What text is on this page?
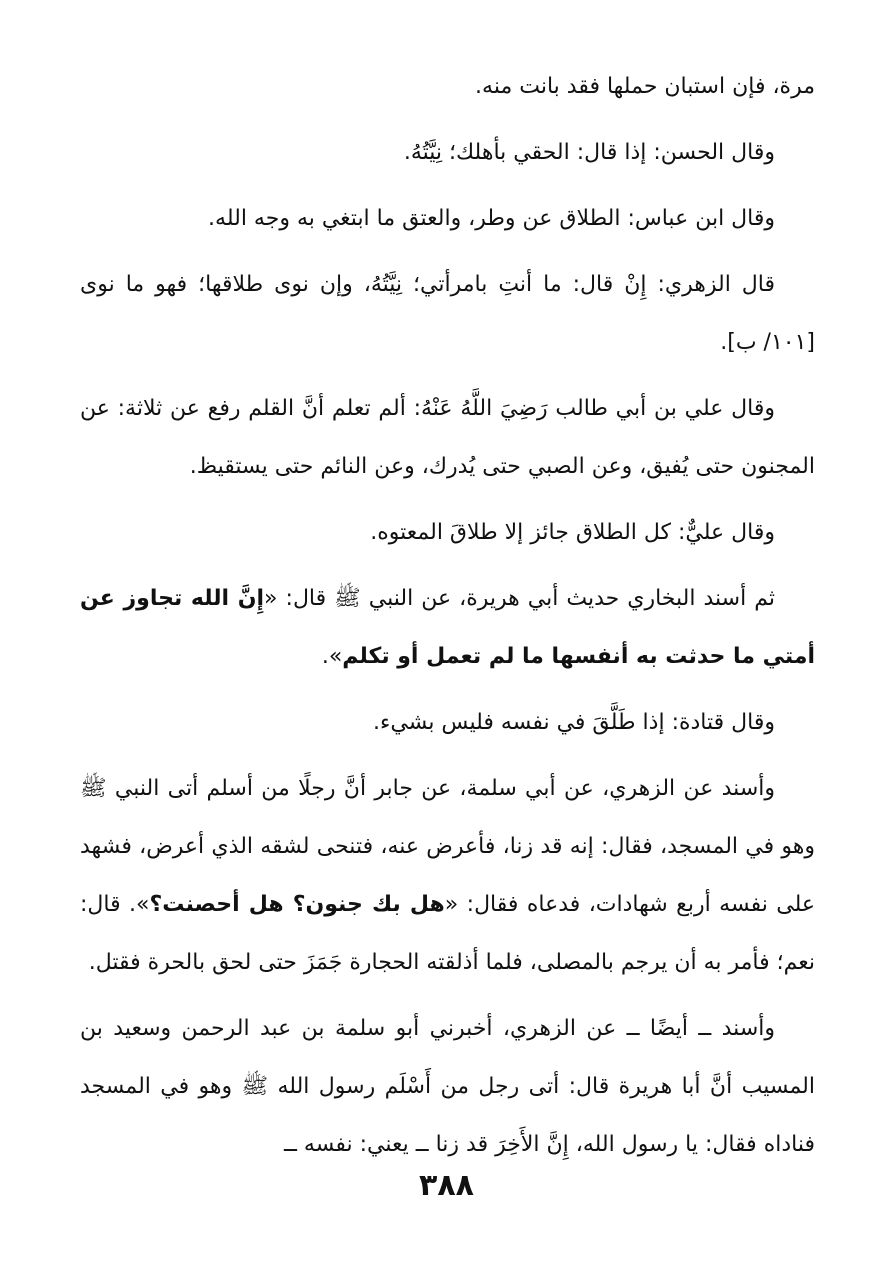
مرة، فإن استبان حملها فقد بانت منه.

وقال الحسن: إذا قال: الحقي بأهلك؛ نِيَّتُهُ.

وقال ابن عباس: الطلاق عن وطر، والعتق ما ابتغي به وجه الله.

قال الزهري: إِنْ قال: ما أنتِ بامرأتي؛ نِيَّتُهُ، وإن نوى طلاقها؛ فهو ما نوى [١٠١/ ب].

وقال علي بن أبي طالب رَضِيَ اللَّهُ عَنْهُ: ألم تعلم أنَّ القلم رفع عن ثلاثة: عن المجنون حتى يُفيق، وعن الصبي حتى يُدرك، وعن النائم حتى يستقيظ.

وقال عليٌّ: كل الطلاق جائز إلا طلاقَ المعتوه.

ثم أسند البخاري حديث أبي هريرة، عن النبي ﷺ قال: «إِنَّ الله تجاوز عن أمتي ما حدثت به أنفسها ما لم تعمل أو تكلم».

وقال قتادة: إذا طَلَّقَ في نفسه فليس بشيء.

وأسند عن الزهري، عن أبي سلمة، عن جابر أنَّ رجلًا من أسلم أتى النبي ﷺ وهو في المسجد، فقال: إنه قد زنا، فأعرض عنه، فتنحى لشقه الذي أعرض، فشهد على نفسه أربع شهادات، فدعاه فقال: «هل بك جنون؟ هل أحصنت؟». قال: نعم؛ فأمر به أن يرجم بالمصلى، فلما أذلقته الحجارة جَمَزَ حتى لحق بالحرة فقتل.

وأسند ــ أيضًا ــ عن الزهري، أخبرني أبو سلمة بن عبد الرحمن وسعيد بن المسيب أنَّ أبا هريرة قال: أتى رجل من أَسْلَم رسول الله ﷺ وهو في المسجد فناداه فقال: يا رسول الله، إِنَّ الأَخِرَ قد زنا ــ يعني: نفسه ــ

٣٨٨
